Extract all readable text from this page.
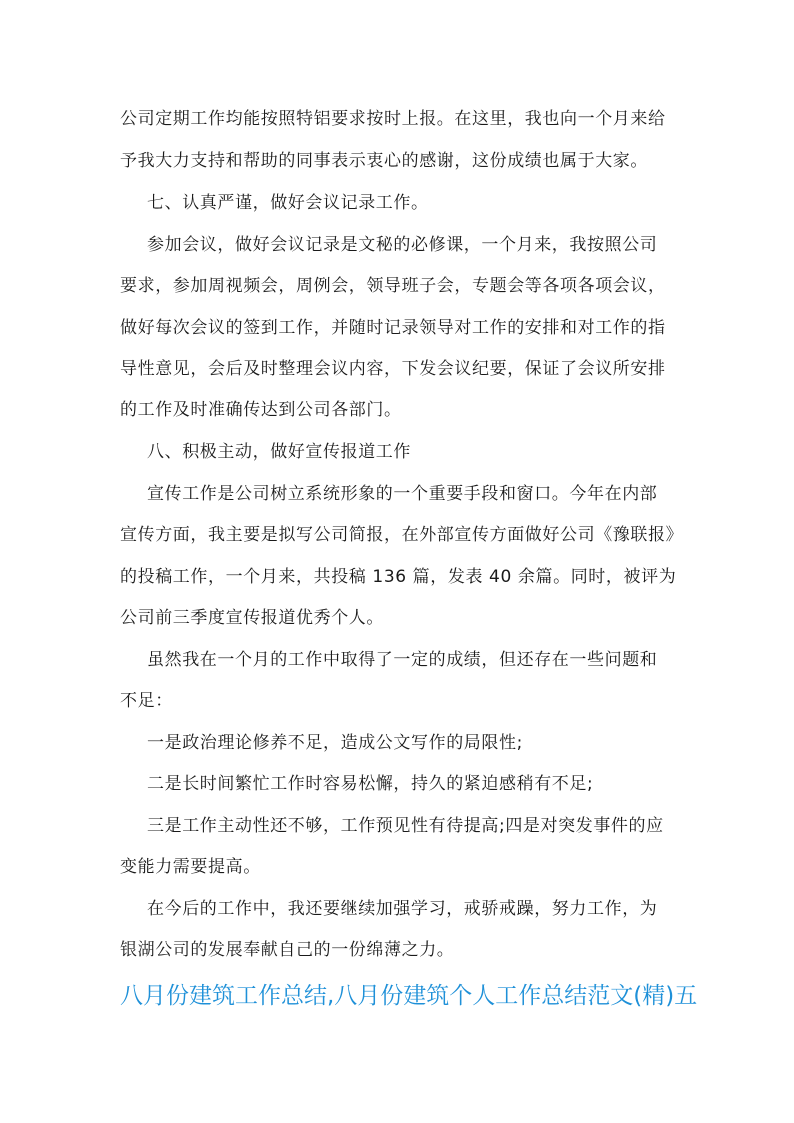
公司定期工作均能按照特铝要求按时上报。在这里，我也向一个月来给
予我大力支持和帮助的同事表示衷心的感谢，这份成绩也属于大家。
七、认真严谨，做好会议记录工作。
参加会议，做好会议记录是文秘的必修课，一个月来，我按照公司
要求，参加周视频会，周例会，领导班子会，专题会等各项各项会议，
做好每次会议的签到工作，并随时记录领导对工作的安排和对工作的指
导性意见，会后及时整理会议内容，下发会议纪要，保证了会议所安排
的工作及时准确传达到公司各部门。
八、积极主动，做好宣传报道工作
宣传工作是公司树立系统形象的一个重要手段和窗口。今年在内部
宣传方面，我主要是拟写公司简报，在外部宣传方面做好公司《豫联报》
的投稿工作，一个月来，共投稿 136 篇，发表 40 余篇。同时，被评为
公司前三季度宣传报道优秀个人。
虽然我在一个月的工作中取得了一定的成绩，但还存在一些问题和
不足：
一是政治理论修养不足，造成公文写作的局限性;
二是长时间繁忙工作时容易松懈，持久的紧迫感稍有不足;
三是工作主动性还不够，工作预见性有待提高;四是对突发事件的应
变能力需要提高。
在今后的工作中，我还要继续加强学习，戒骄戒躁，努力工作，为
银湖公司的发展奉献自己的一份绵薄之力。
八月份建筑工作总结,八月份建筑个人工作总结范文(精)五
